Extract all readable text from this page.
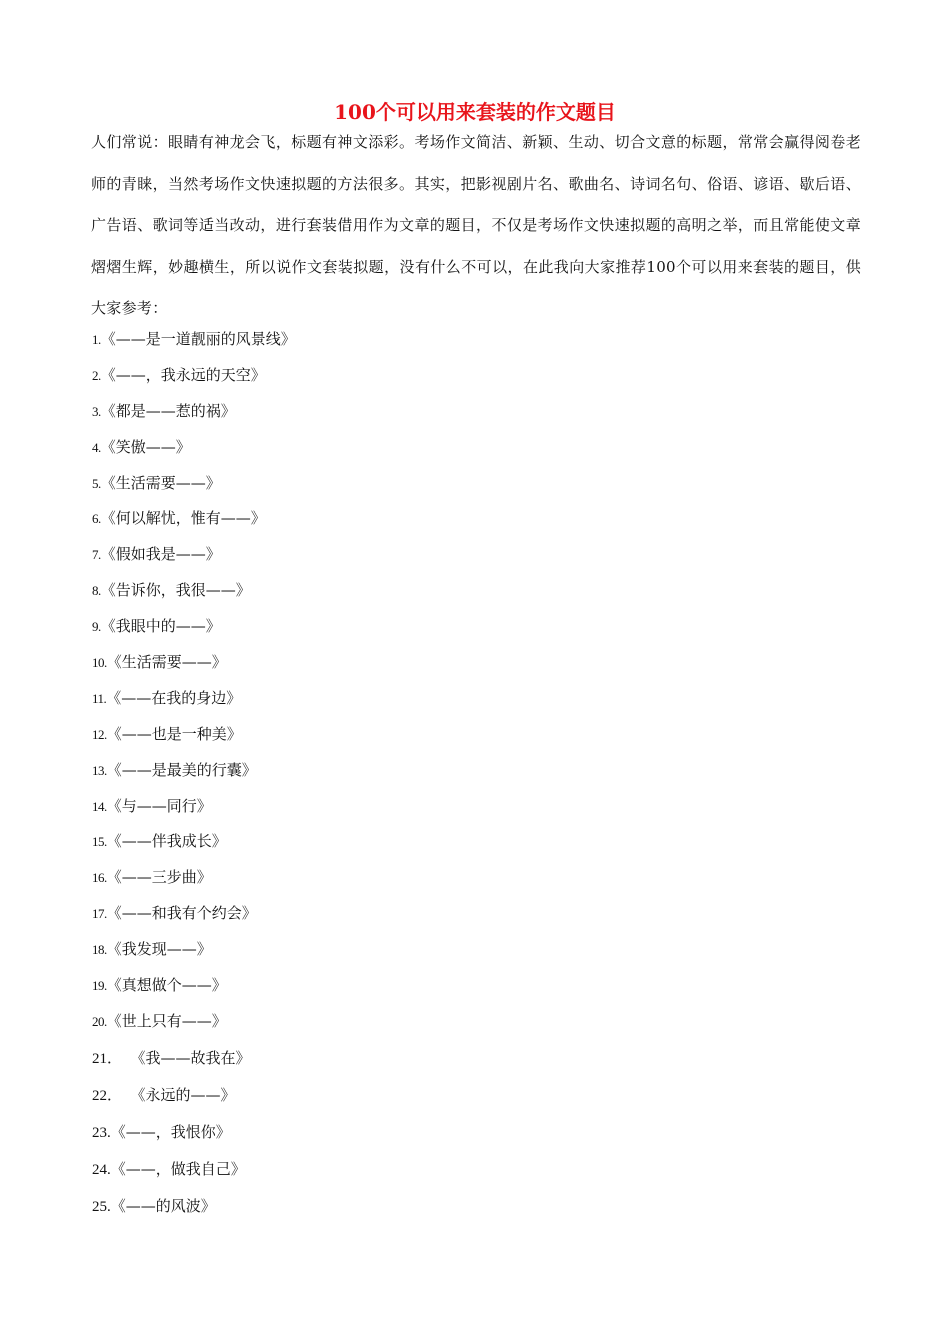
100个可以用来套装的作文题目

人们常说：眼睛有神龙会飞，标题有神文添彩。考场作文简洁、新颖、生动、切合文意的标题，常常会赢得阅卷老师的青睐，当然考场作文快速拟题的方法很多。其实，把影视剧片名、歌曲名、诗词名句、俗语、谚语、歇后语、广告语、歌词等适当改动，进行套装借用作为文章的题目，不仅是考场作文快速拟题的高明之举，而且常能使文章熠熠生辉，妙趣横生，所以说作文套装拟题，没有什么不可以，在此我向大家推荐100个可以用来套装的题目，供大家参考：

1.《——是一道靓丽的风景线》
2.《——，我永远的天空》
3.《都是——惹的祸》
4.《笑傲——》
5.《生活需要——》
6.《何以解忧，惟有——》
7.《假如我是——》
8.《告诉你，我很——》
9.《我眼中的——》
10.《生活需要——》
11.《——在我的身边》
12.《——也是一种美》
13.《——是最美的行囊》
14.《与——同行》
15.《——伴我成长》
16.《——三步曲》
17.《——和我有个约会》
18.《我发现——》
19.《真想做个——》
20.《世上只有——》
21． 《我——故我在》
22． 《永远的——》
23.《——，我恨你》
24.《——，做我自己》
25.《——的风波》
